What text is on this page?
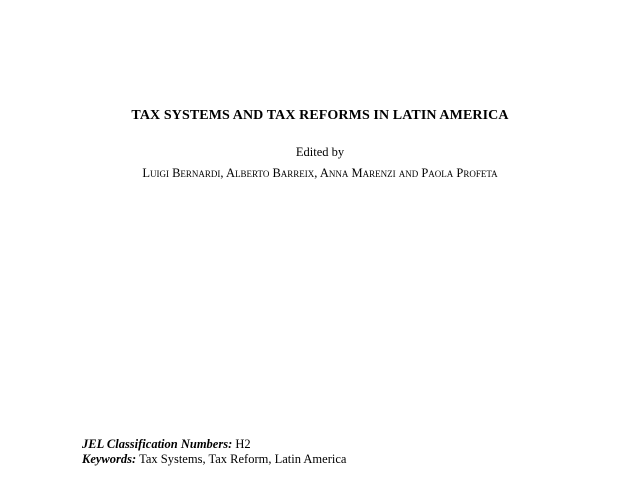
TAX SYSTEMS AND TAX REFORMS IN LATIN AMERICA
Edited by
Luigi Bernardi, Alberto Barreix, Anna Marenzi and Paola Profeta
JEL Classification Numbers: H2
Keywords: Tax Systems, Tax Reform, Latin America
